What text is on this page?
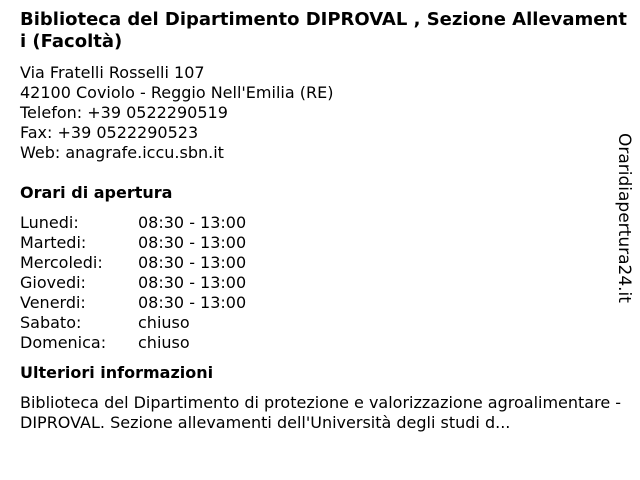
Biblioteca del Dipartimento DIPROVAL , Sezione Allevamenti (Facoltà)
Via Fratelli Rosselli 107
42100 Coviolo - Reggio Nell'Emilia (RE)
Telefon: +39 0522290519
Fax: +39 0522290523
Web: anagrafe.iccu.sbn.it
Orari di apertura
Lunedi:	08:30 - 13:00
Martedi:	08:30 - 13:00
Mercoledi:	08:30 - 13:00
Giovedi:	08:30 - 13:00
Venerdi:	08:30 - 13:00
Sabato:	chiuso
Domenica:	chiuso
Ulteriori informazioni
Biblioteca del Dipartimento di protezione e valorizzazione agroalimentare - DIPROVAL. Sezione allevamenti dell'Università degli studi d...
Oraridiapertura24.it
